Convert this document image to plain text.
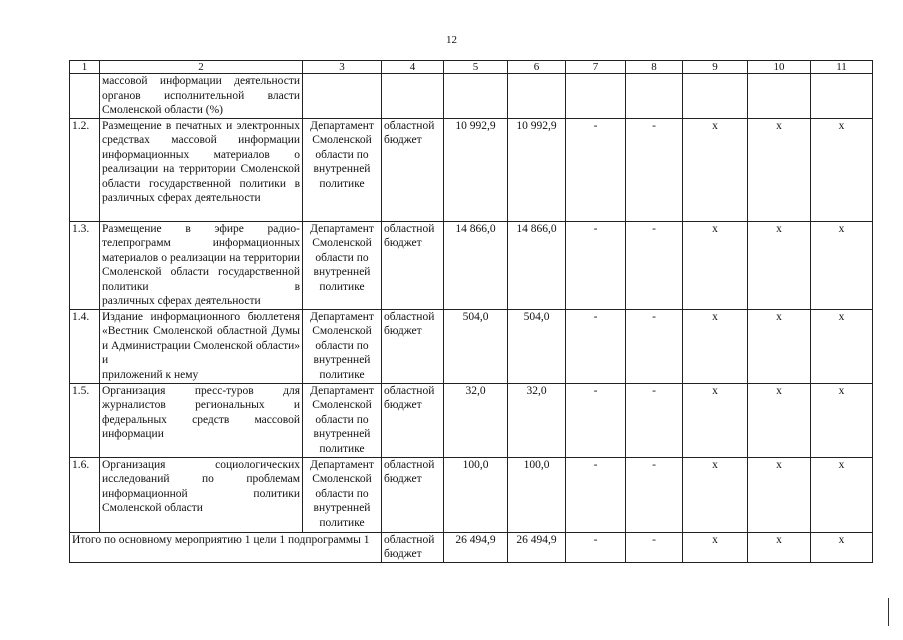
12
1	2	3	4	5	6	7	8	9	10	11
	массовой информации деятельности органов исполнительной власти
Смоленской области (%)									

1.2.	Размещение в печатных и электронных средствах массовой информации информационных материалов о реализации на территории Смоленской области государственной политики в
различных сферах деятельности	Департамент Смоленской области по внутренней политике	областной бюджет	10 992,9	10 992,9	-	-	х	х	х
1.3.	Размещение в эфире радио- телепрограмм информационных материалов о реализации на территории Смоленской области государственной политики в
различных сферах деятельности	Департамент Смоленской области по внутренней политике	областной бюджет	14 866,0	14 866,0	-	-	х	х	х
1.4.	Издание информационного бюллетеня «Вестник Смоленской областной Думы и Администрации Смоленской области» и
приложений к нему	Департамент Смоленской области по внутренней политике	областной бюджет	504,0	504,0	-	-	х	х	х
1.5.	Организация пресс-туров для журналистов региональных и федеральных средств массовой
информации	Департамент Смоленской области по внутренней политике	областной бюджет	32,0	32,0	-	-	х	х	х
1.6.	Организация социологических исследований по проблемам информационной политики
Смоленской области	Департамент Смоленской области по внутренней политике	областной бюджет	100,0	100,0	-	-	х	х	х
Итого по основному мероприятию 1 цели 1 подпрограммы 1			областной бюджет	26 494,9	26 494,9	-	-	х	х	х
